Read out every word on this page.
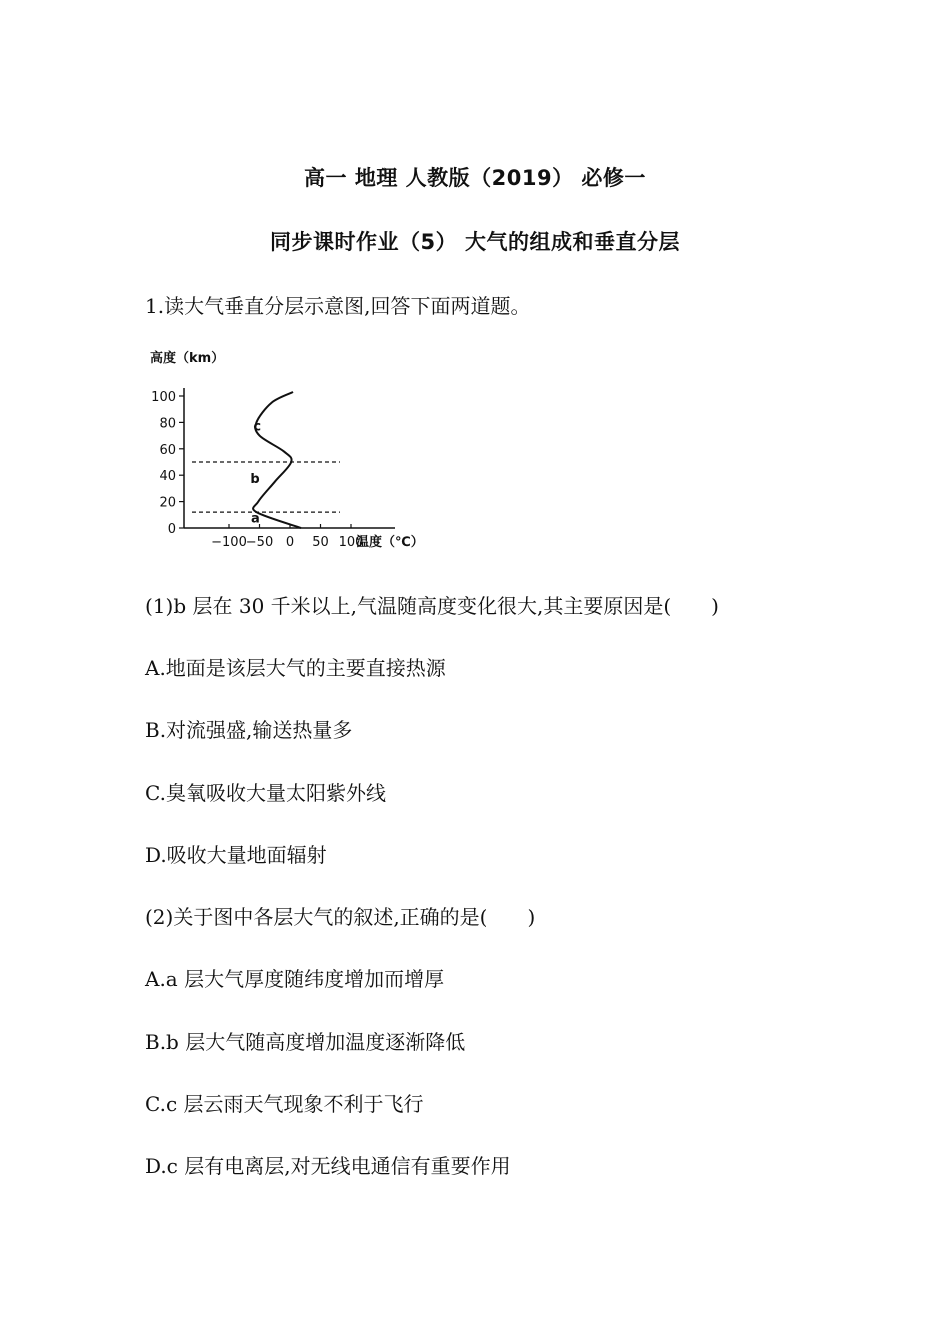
高一 地理 人教版（2019） 必修一
同步课时作业（5） 大气的组成和垂直分层
1.读大气垂直分层示意图,回答下面两道题。
高度（km）
温度（℃）
0
20
40
60
80
100
−100
−50 0 50 100
a
b
c
(1)b 层在 30 千米以上,气温随高度变化很大,其主要原因是(　　)
A.地面是该层大气的主要直接热源
B.对流强盛,输送热量多
C.臭氧吸收大量太阳紫外线
D.吸收大量地面辐射
(2)关于图中各层大气的叙述,正确的是(　　)
A.a 层大气厚度随纬度增加而增厚
B.b 层大气随高度增加温度逐渐降低
C.c 层云雨天气现象不利于飞行
D.c 层有电离层,对无线电通信有重要作用
